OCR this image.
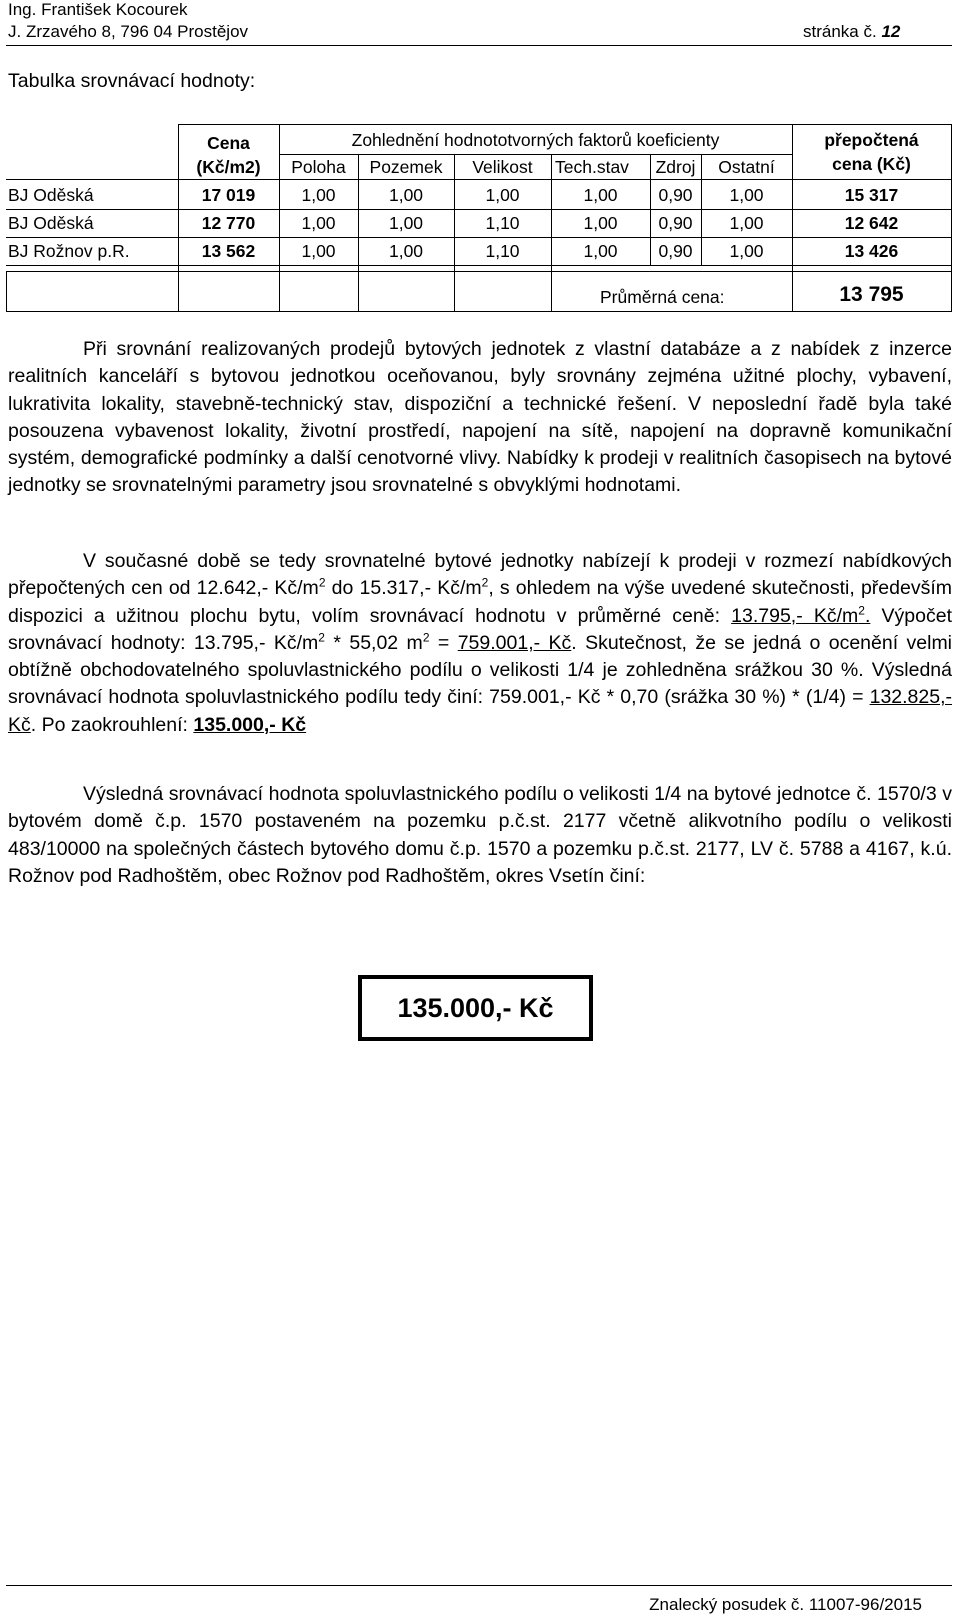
Ing. František Kocourek
J. Zrzavého 8, 796 04 Prostějov	stránka č. 12
Tabulka srovnávací hodnoty:
Cena
(Kč/m2)
Zohlednění hodnototvorných faktorů koeficienty	přepočtená
cena (Kč)
Poloha	Pozemek	Velikost	Tech.stav	Zdroj	Ostatní
BJ Oděská	17 019	1,00	1,00	1,00	1,00	0,90	1,00	15 317
BJ Oděská	12 770	1,00	1,00	1,10	1,00	0,90	1,00	12 642
BJ Rožnov p.R.	13 562	1,00	1,00	1,10	1,00	0,90	1,00	13 426
Průměrná cena:	13 795

Při srovnání realizovaných prodejů bytových jednotek z vlastní databáze a z nabídek z inzerce realitních kanceláří s bytovou jednotkou oceňovanou, byly srovnány zejména užitné plochy, vybavení, lukrativita lokality, stavebně-technický stav, dispoziční a technické řešení. V neposlední řadě byla také posouzena vybavenost lokality, životní prostředí, napojení na sítě, napojení na dopravně komunikační systém, demografické podmínky a další cenotvorné vlivy. Nabídky k prodeji v realitních časopisech na bytové jednotky se srovnatelnými parametry jsou srovnatelné s obvyklými hodnotami.

V současné době se tedy srovnatelné bytové jednotky nabízejí k prodeji v rozmezí nabídkových přepočtených cen od 12.642,- $Kč/m^2$ do 15.317,- $Kč/m^2$, s ohledem na výše uvedené skutečnosti, především dispozici a užitnou plochu bytu, volím srovnávací hodnotu v průměrné ceně: 13.795,- $Kč/m^2$. Výpočet srovnávací hodnoty: 13.795,- $Kč/m^2 * 55,02$ $m^2 = 759.001,-$ Kč. Skutečnost, že se jedná o ocenění velmi obtížně obchodovatelného spoluvlastnického podílu o velikosti 1/4 je zohledněna srážkou 30 %. Výsledná srovnávací hodnota spoluvlastnického podílu tedy činí: 759.001,- Kč * 0,70 (srážka 30 %) * (1/4) = 132.825,- Kč. Po zaokrouhlení: 135.000,- Kč

Výsledná srovnávací hodnota spoluvlastnického podílu o velikosti 1/4 na bytové jednotce č. 1570/3 v bytovém domě č.p. 1570 postaveném na pozemku p.č.st. 2177 včetně alikvotního podílu o velikosti 483/10000 na společných částech bytového domu č.p. 1570 a pozemku p.č.st. 2177, LV č. 5788 a 4167, k.ú. Rožnov pod Radhoštěm, obec Rožnov pod Radhoštěm, okres Vsetín činí:

135.000,- Kč
Znalecký posudek č. 11007-96/2015
